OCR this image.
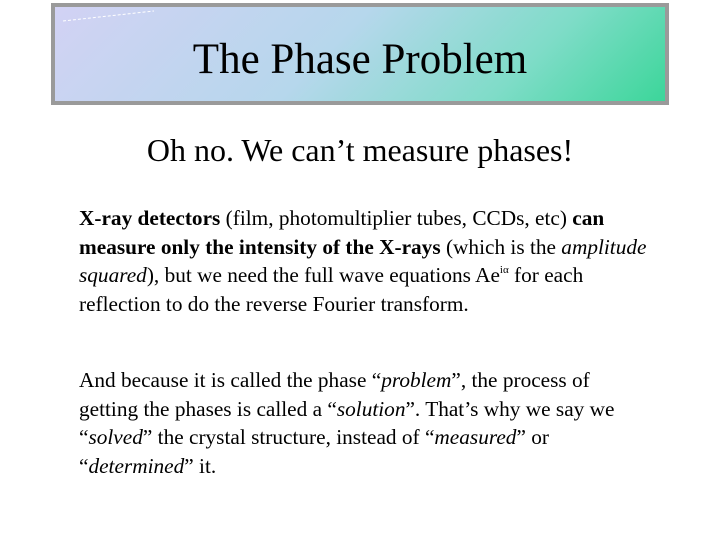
The Phase Problem
Oh no. We can’t measure phases!

X-ray detectors (film, photomultiplier tubes, CCDs, etc) can measure only the intensity of the X-rays (which is the amplitude squared), but we need the full wave equations $Ae^{i\alpha}$ for each reflection to do the reverse Fourier transform.

And because it is called the phase “problem”, the process of getting the phases is called a “solution”. That’s why we say we “solved” the crystal structure, instead of “measured” or “determined” it.
